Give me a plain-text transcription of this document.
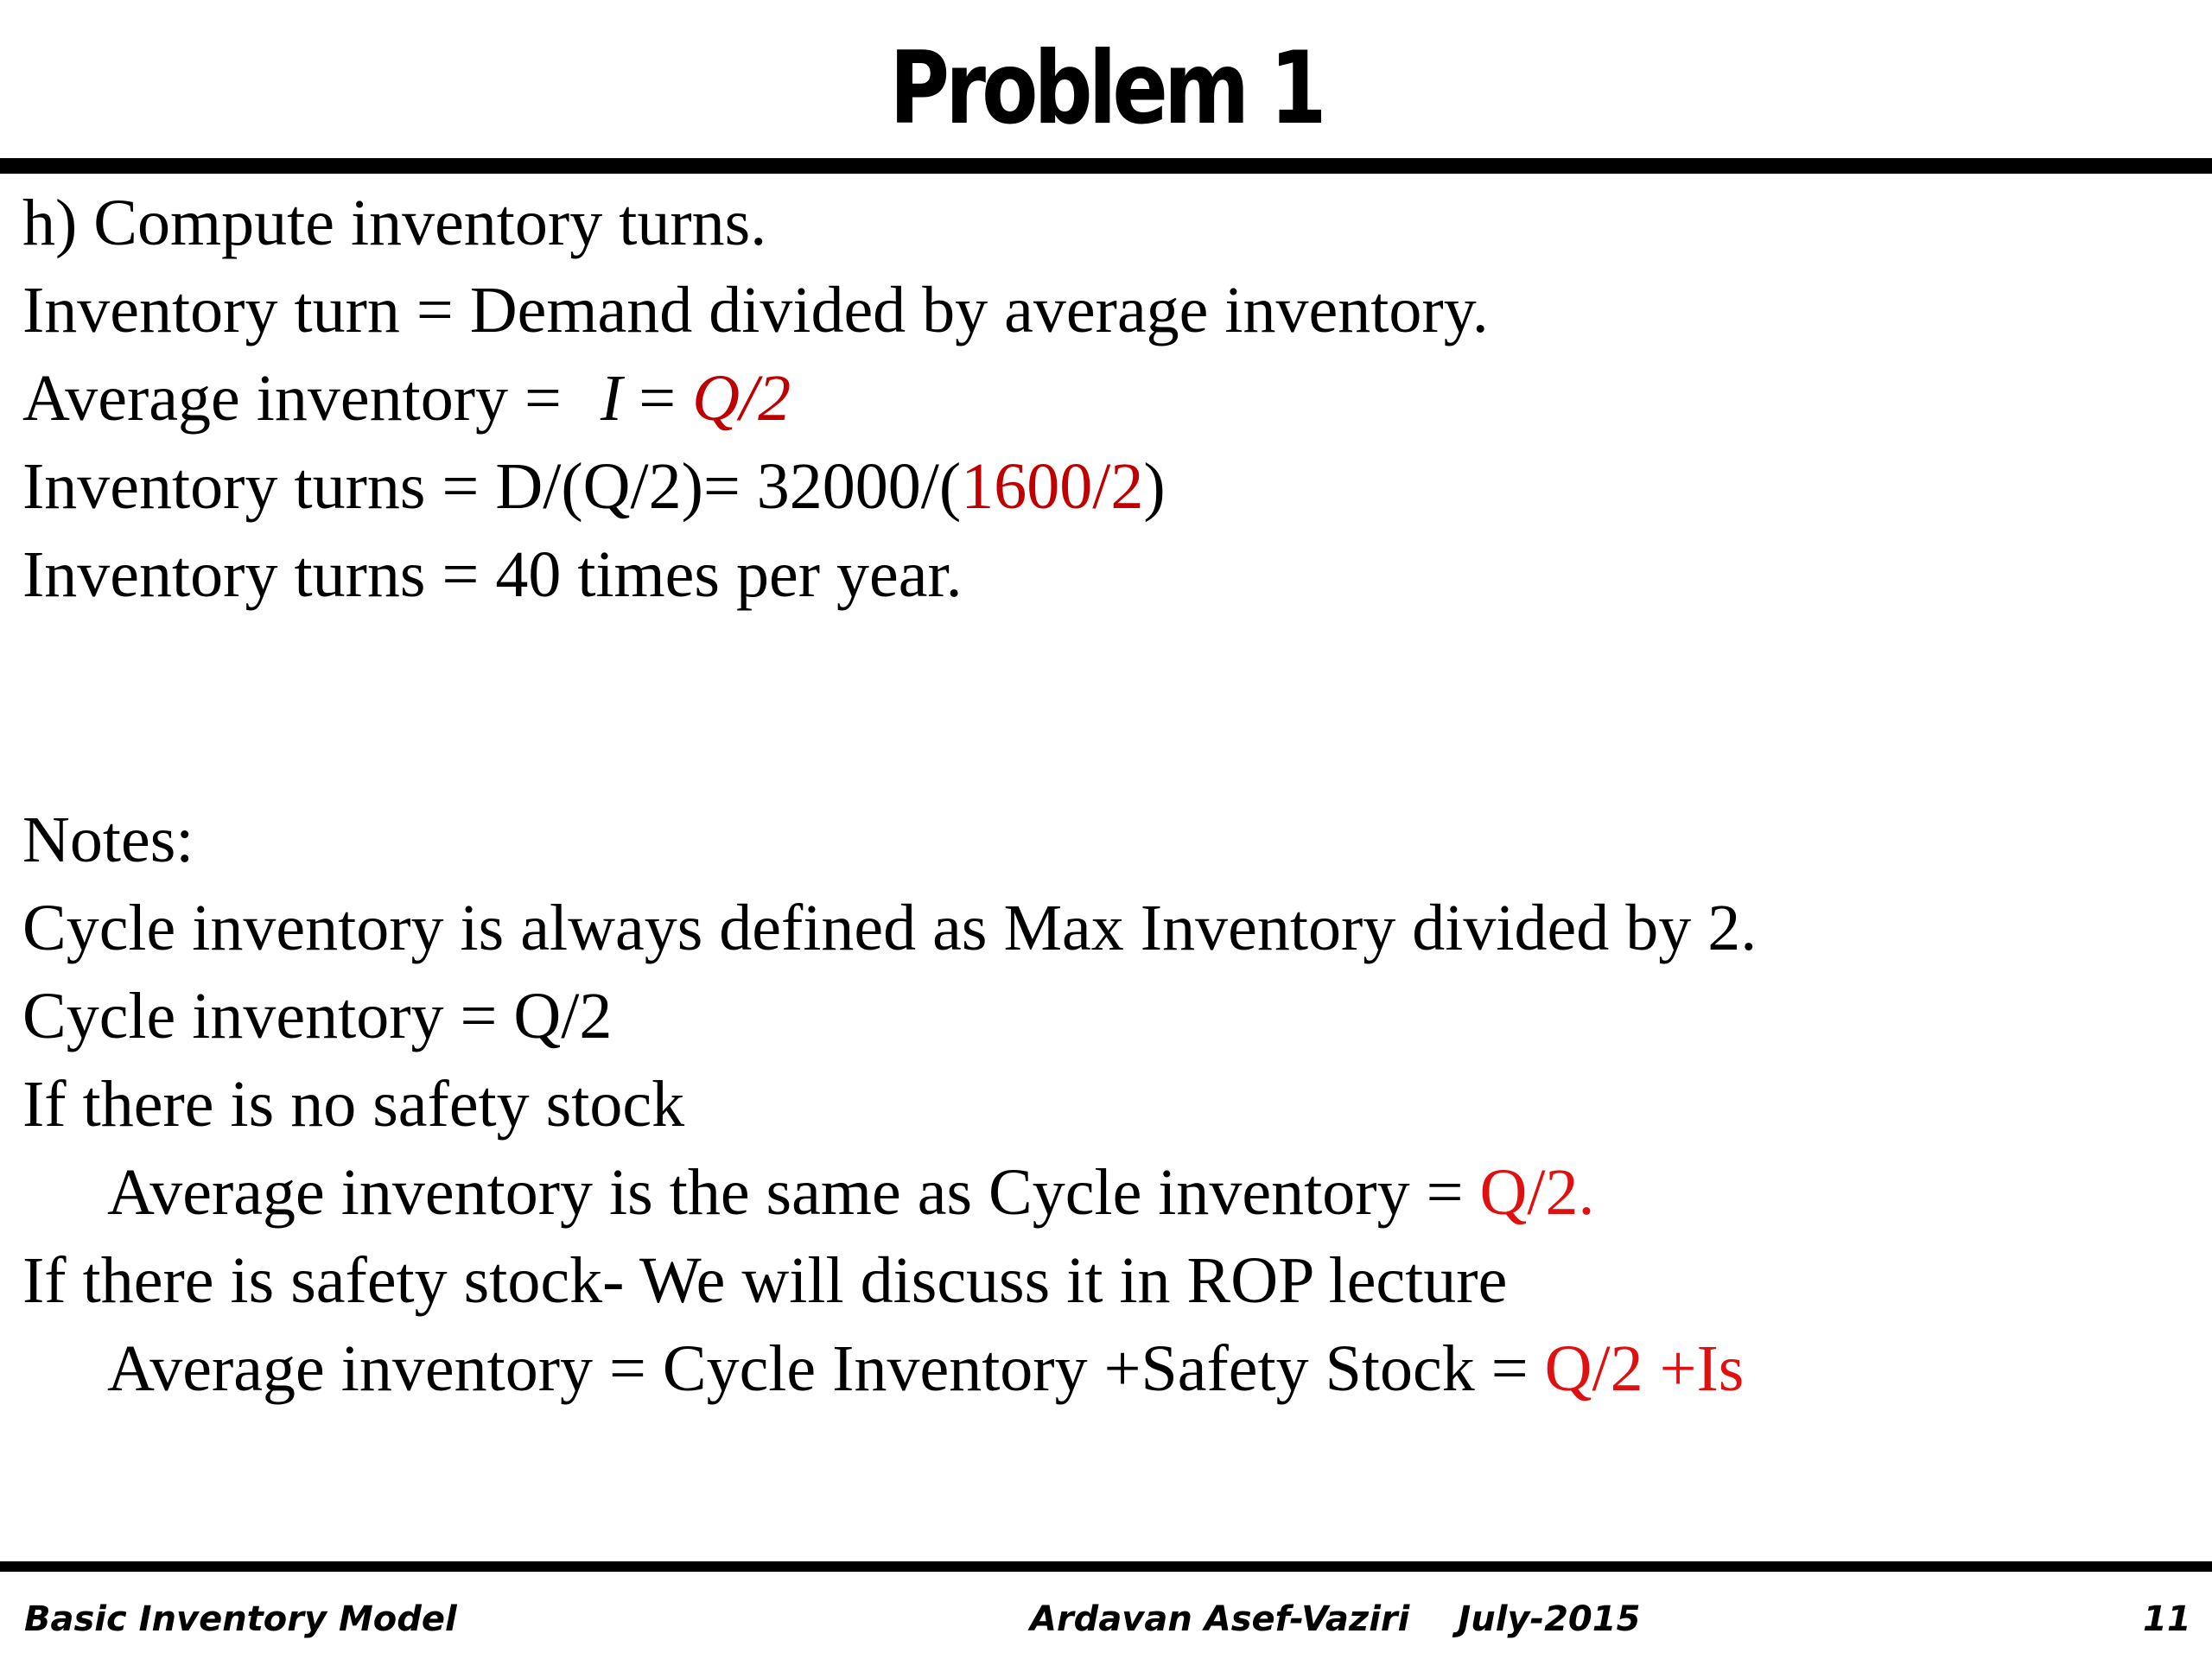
Problem 1
h) Compute inventory turns.
Inventory turn = Demand divided by average inventory.
Average inventory = I = Q/2
Inventory turns = D/(Q/2)= 32000/(1600/2)
Inventory turns = 40 times per year.
Notes:
Cycle inventory is always defined as Max Inventory divided by 2.
Cycle inventory = Q/2
If there is no safety stock
Average inventory is the same as Cycle inventory = Q/2.
If there is safety stock- We will discuss it in ROP lecture
Average inventory = Cycle Inventory +Safety Stock = Q/2 +Is
Basic Inventory Model	Ardavan Asef-Vaziri July-2015	11
